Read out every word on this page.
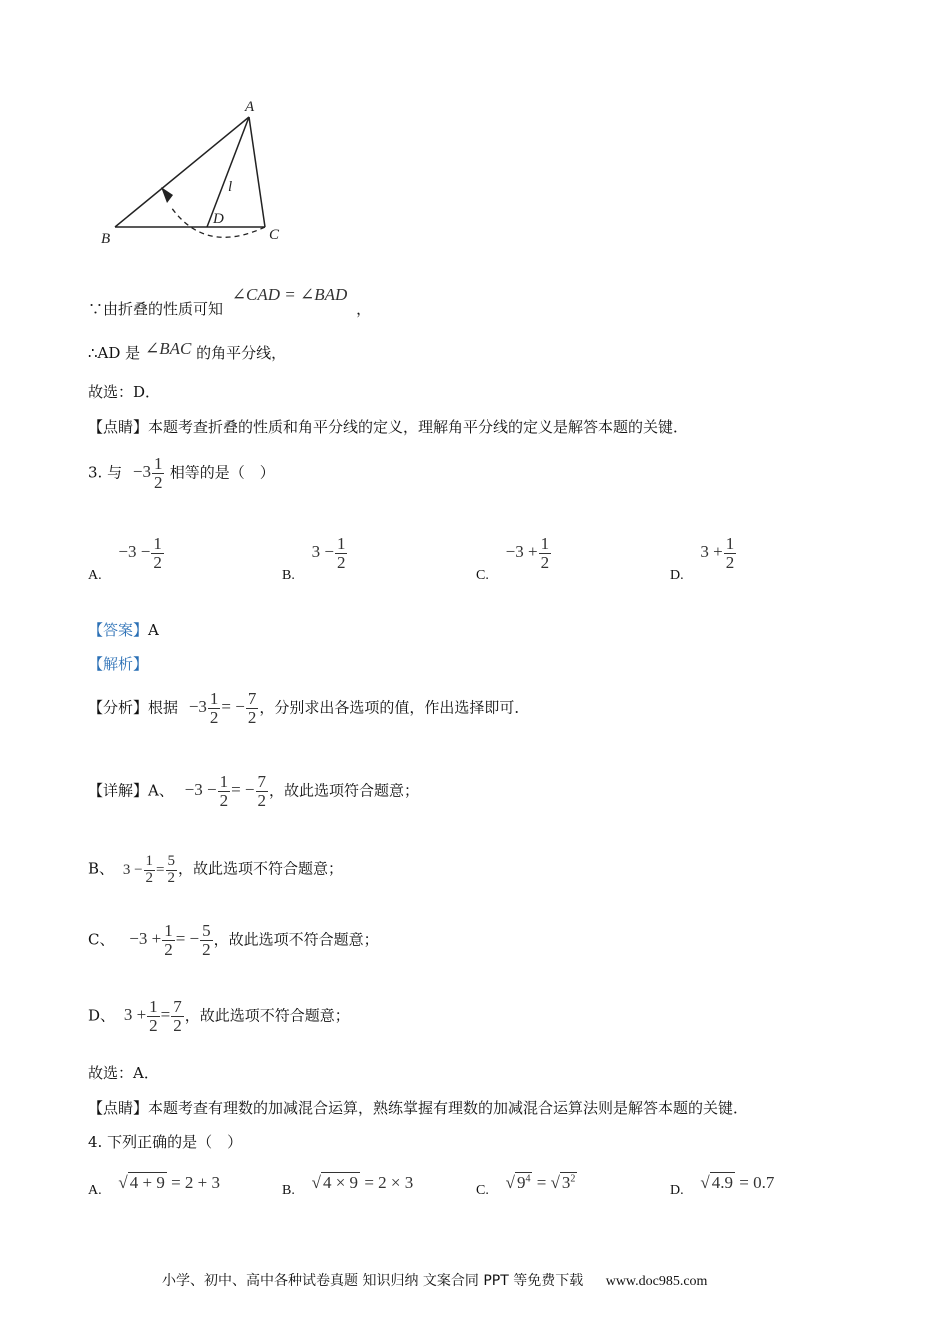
A
B	C
D
l
∵由折叠的性质可知 ∠CAD = ∠BAD ，
∴AD 是 ∠BAC 的角平分线，
故选：D．
【点睛】本题考查折叠的性质和角平分线的定义，理解角平分线的定义是解答本题的关键．
3. 与 $-3 \frac{1}{2}$ 相等的是（　）
A. $-3 - \frac{1}{2}$
B. $3 - \frac{1}{2}$
C. $-3 + \frac{1}{2}$
D. $3 + \frac{1}{2}$
【答案】A
【解析】
【分析】根据 $-3 \frac{1}{2}$ = − $\frac{7}{2}$ ，分别求出各选项的值，作出选择即可．
【详解】A、 $-3 - \frac{1}{2}$ = − $\frac{7}{2}$ ，故此选项符合题意；
B、 $3 - \frac{1}{2} = \frac{5}{2}$ ，故此选项不符合题意；
C、 $-3 + \frac{1}{2}$ = − $\frac{5}{2}$ ，故此选项不符合题意；
D、 $3 + \frac{1}{2} = \frac{7}{2}$ ，故此选项不符合题意；
故选：A．
【点睛】本题考查有理数的加减混合运算，熟练掌握有理数的加减混合运算法则是解答本题的关键．
4. 下列正确的是（　）
A. √ 4 + 9 = 2 + 3	B. √ 4 × 9 = 2 × 3	C. √ $9^4$ = √ $3^2$
D. √ 4.9 = 0.7
小学、初中、高中各种试卷真题 知识归纳 文案合同 PPT 等免费下载 www.doc985.com
